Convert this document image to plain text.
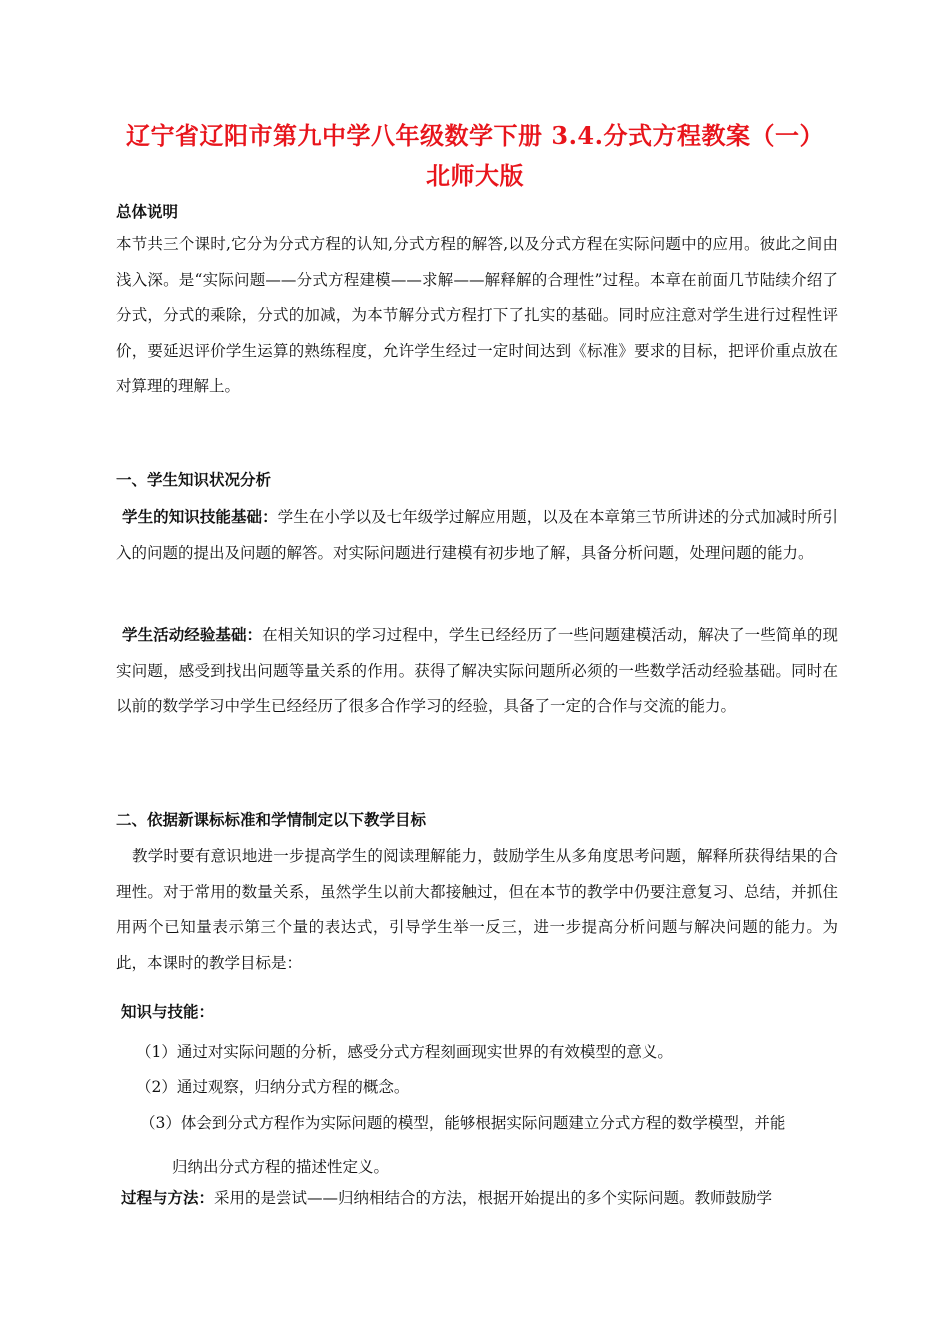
辽宁省辽阳市第九中学八年级数学下册 3.4.分式方程教案（一） 北师大版
总体说明
本节共三个课时,它分为分式方程的认知,分式方程的解答,以及分式方程在实际问题中的应用。彼此之间由浅入深。是“实际问题——分式方程建模——求解——解释解的合理性”过程。本章在前面几节陆续介绍了分式，分式的乘除，分式的加减，为本节解分式方程打下了扎实的基础。同时应注意对学生进行过程性评价，要延迟评价学生运算的熟练程度，允许学生经过一定时间达到《标准》要求的目标，把评价重点放在对算理的理解上。
一、学生知识状况分析
学生的知识技能基础：学生在小学以及七年级学过解应用题，以及在本章第三节所讲述的分式加减时所引入的问题的提出及问题的解答。对实际问题进行建模有初步地了解，具备分析问题，处理问题的能力。
学生活动经验基础：在相关知识的学习过程中，学生已经经历了一些问题建模活动，解决了一些简单的现实问题，感受到找出问题等量关系的作用。获得了解决实际问题所必须的一些数学活动经验基础。同时在以前的数学学习中学生已经经历了很多合作学习的经验，具备了一定的合作与交流的能力。
二、依据新课标标准和学情制定以下教学目标
教学时要有意识地进一步提高学生的阅读理解能力，鼓励学生从多角度思考问题，解释所获得结果的合理性。对于常用的数量关系，虽然学生以前大都接触过，但在本节的教学中仍要注意复习、总结，并抓住用两个已知量表示第三个量的表达式，引导学生举一反三，进一步提高分析问题与解决问题的能力。为此，本课时的教学目标是：
知识与技能：
（1）通过对实际问题的分析，感受分式方程刻画现实世界的有效模型的意义。
（2）通过观察，归纳分式方程的概念。
（3）体会到分式方程作为实际问题的模型，能够根据实际问题建立分式方程的数学模型，并能
归纳出分式方程的描述性定义。
过程与方法：采用的是尝试——归纳相结合的方法，根据开始提出的多个实际问题。教师鼓励学
